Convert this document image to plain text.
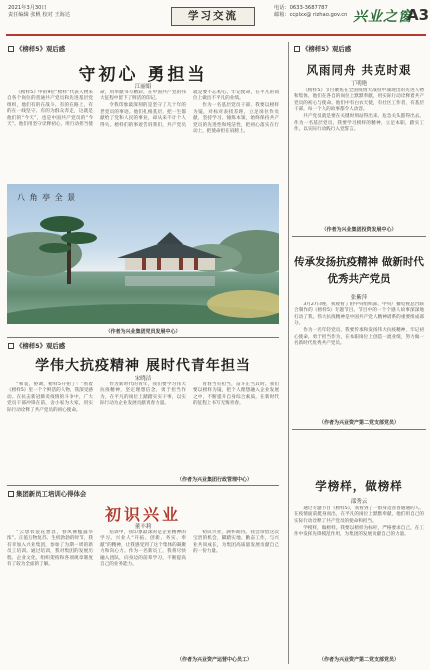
2021年3月30日
责任编辑 张帆 校对 王海达	学习交流
电话：0633-3687787
邮箱：ccplxx@ rizhao.gov.cn 兴业之窗
A3
《榜样5》观后感
守初心 勇担当
江丽娟

《榜样5》中的9位“榜样”代表人物来自各个岗位的普通共产党员和先进基层党组织，他们有的在战斗、有的在路上、有的在一线坚守、有的为群众奔走，这就是他们的“今天”，也是中国共产党员的“今天”。他们用坚守诠释初心，用行动担当使命，用奉献书写精彩，在中国共产党的伟大征程中留下了鲜活的印记。

令我印象最深刻的是坚守了几十年的老党员的事迹。他们扎根基层，把一生都献给了党和人民的事业，却从来不计个人得失。榜样们的事迹告诉我们，共产党员就是要不忘初心、牢记使命，在平凡的岗位上做出不平凡的业绩。

作为一名基层党员干部，我要以榜样为镜，对标对表找差距，立足岗位作贡献，坚持学习、锤炼本领，始终保持共产党员的先进性和纯洁性，把初心落实在行动上，把使命担在肩膀上。

八 角 亭 全 景
（作者为兴业集团党员发展中心）
《榜样5》观后感
学伟大抗疫精神 展时代青年担当
宋晓洁

“和衷，协调，榜样5开拍了！”看着《榜样5》里一个个鲜活的人物，我深受感动。在抗击新冠肺炎疫情的斗争中，广大党员干部冲锋在前，舍小家为大家，用实际行动诠释了共产党员的初心使命。

作为新时代的青年，我们要学习伟大抗疫精神，坚定理想信念，勇于担当作为，在平凡的岗位上踏踏实实干事，以实际行动为企业发展贡献青春力量。

青春当有担当，奋斗正当其时。我们要以榜样为镜，把个人理想融入企业发展之中，不断提升自身综合素质，在新时代的征程上书写无悔青春。

（作者为兴业集团行政管理中心）
集团新员工培训心得体会
初识兴业
董丰莉

“云想衣裳花想容，春风拂槛露华浓”。正值万物复苏、生机勃勃的时节，我有幸加入兴业集团，参加了为期一周的新员工培训。通过培训，我对集团的发展历程、企业文化、组织架构和各项规章制度有了较为全面的了解。

培训中，我印象最深的是企业精神的学习。兴业人“开拓、创新、务实、奉献”的精神，让我感受到了这个集体的凝聚力和向心力。作为一名新员工，我将尽快融入团队，向身边的前辈学习，不断提高自己的业务能力。

初识兴业，满怀期待。我会珍惜这次宝贵的机会，脚踏实地、勤奋工作，与兴业共同成长，为集团高质量发展贡献自己的一份力量。

（作者为兴业资产运营中心员工）
《榜样5》观后感
风雨同舟 共克时艰
丁明艳

《榜样5》节目聚焦在全国疫情大战役中涌现出的先进人物和集体，他们在各自的岗位上默默奉献，用实际行动诠释着共产党员的初心与使命。他们中有白衣天使，有社区工作者，有基层干部，每一个人的故事都令人动容。

共产党员就是要在关键时刻站得出来、危急关头豁得出去。作为一名基层党员，我要学习榜样的精神，立足本职，踏实工作，以实际行动践行入党誓言。

（作者为兴业集团投资发展中心）
传承发扬抗疫精神 做新时代优秀共产党员
张紫萍

3月27日晚，我观看了由中央组织部、中央广播电视总台联合制作的《榜样5》专题节目。节目中的一个个感人故事深深地打动了我。伟大抗疫精神是中国共产党人精神谱系的重要组成部分。

作为一名年轻党员，我要传承和发扬伟大抗疫精神，牢记初心使命，勇于担当作为，在本职岗位上创造一流业绩，努力做一名新时代优秀共产党员。

（作者为兴业资产第二党支部党员）
学榜样，做榜样
邵秀云

通过专题节目《榜样5》，我看到了一群身边普普通通的人，在疫情面前挺身而出，在平凡的岗位上默默奉献，他们用自己的实际行动诠释了共产党员的使命和担当。

学榜样，做榜样。我要以榜样为标杆，严格要求自己，在工作中发挥先锋模范作用，为集团的发展贡献自己的力量。

（作者为兴业资产第二党支部党员）
